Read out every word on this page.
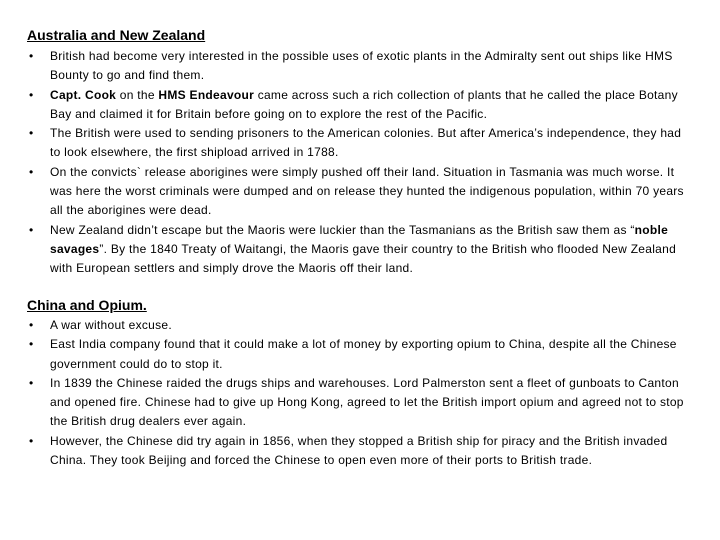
Australia and New Zealand
• British had become very interested in the possible uses of exotic plants in the Admiralty sent out ships like HMS Bounty to go and find them.
• Capt. Cook on the HMS Endeavour came across such a rich collection of plants that he called the place Botany Bay and claimed it for Britain before going on to explore the rest of the Pacific.
• The British were used to sending prisoners to the American colonies. But after America’s independence, they had to look elsewhere, the first shipload arrived in 1788.
• On the convicts` release aborigines were simply pushed off their land. Situation in Tasmania was much worse. It was here the worst criminals were dumped and on release they hunted the indigenous population, within 70 years all the aborigines were dead.
• New Zealand didn’t escape but the Maoris were luckier than the Tasmanians as the British saw them as “noble savages”. By the 1840 Treaty of Waitangi, the Maoris gave their country to the British who flooded New Zealand with European settlers and simply drove the Maoris off their land.
China and Opium.
• A war without excuse.
• East India company found that it could make a lot of money by exporting opium to China, despite all the Chinese government could do to stop it.
• In 1839 the Chinese raided the drugs ships and warehouses. Lord Palmerston sent a fleet of gunboats to Canton and opened fire. Chinese had to give up Hong Kong, agreed to let the British import opium and agreed not to stop the British drug dealers ever again.
• However, the Chinese did try again in 1856, when they stopped a British ship for piracy and the British invaded China. They took Beijing and forced the Chinese to open even more of their ports to British trade.
